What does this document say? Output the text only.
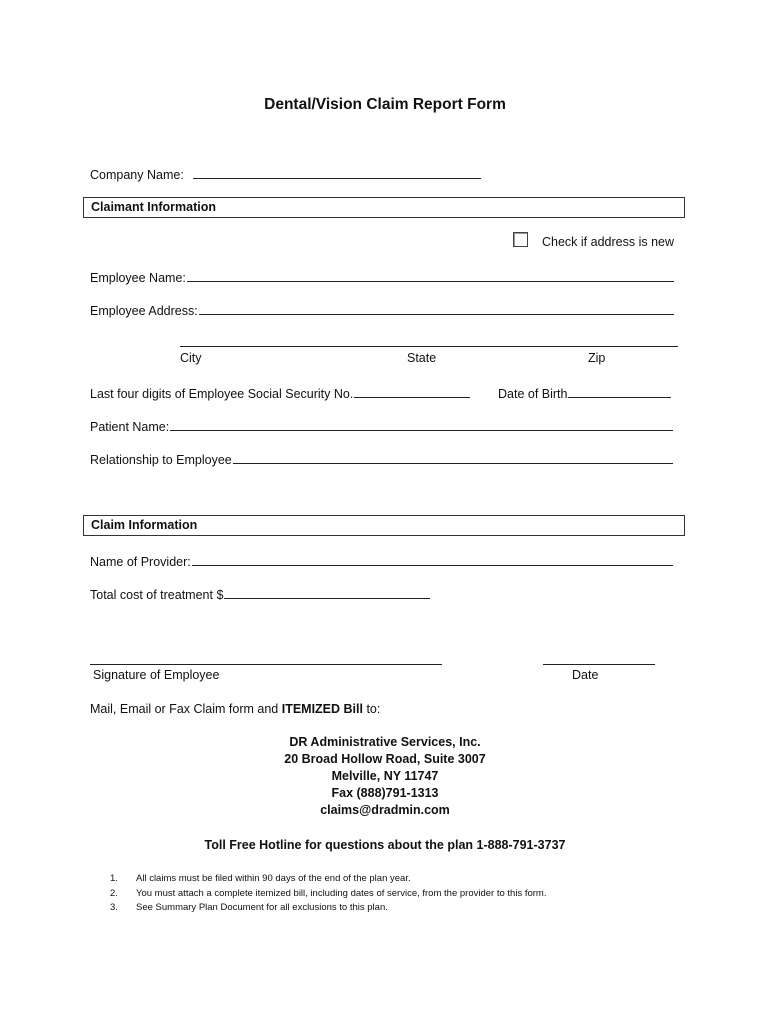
Dental/Vision Claim Report Form
Company Name:
Claimant Information
Check if address is new
Employee Name:
Employee Address:
City	State	Zip
Last four digits of Employee Social Security No.	Date of Birth
Patient Name:
Relationship to Employee
Claim Information
Name of Provider:
Total cost of treatment $
Signature of Employee	Date
Mail, Email or Fax Claim form and ITEMIZED Bill to:
DR Administrative Services, Inc.
20 Broad Hollow Road, Suite 3007
Melville, NY 11747
Fax (888)791-1313
claims@dradmin.com
Toll Free Hotline for questions about the plan 1-888-791-3737
1. All claims must be filed within 90 days of the end of the plan year.
2. You must attach a complete itemized bill, including dates of service, from the provider to this form.
3. See Summary Plan Document for all exclusions to this plan.
